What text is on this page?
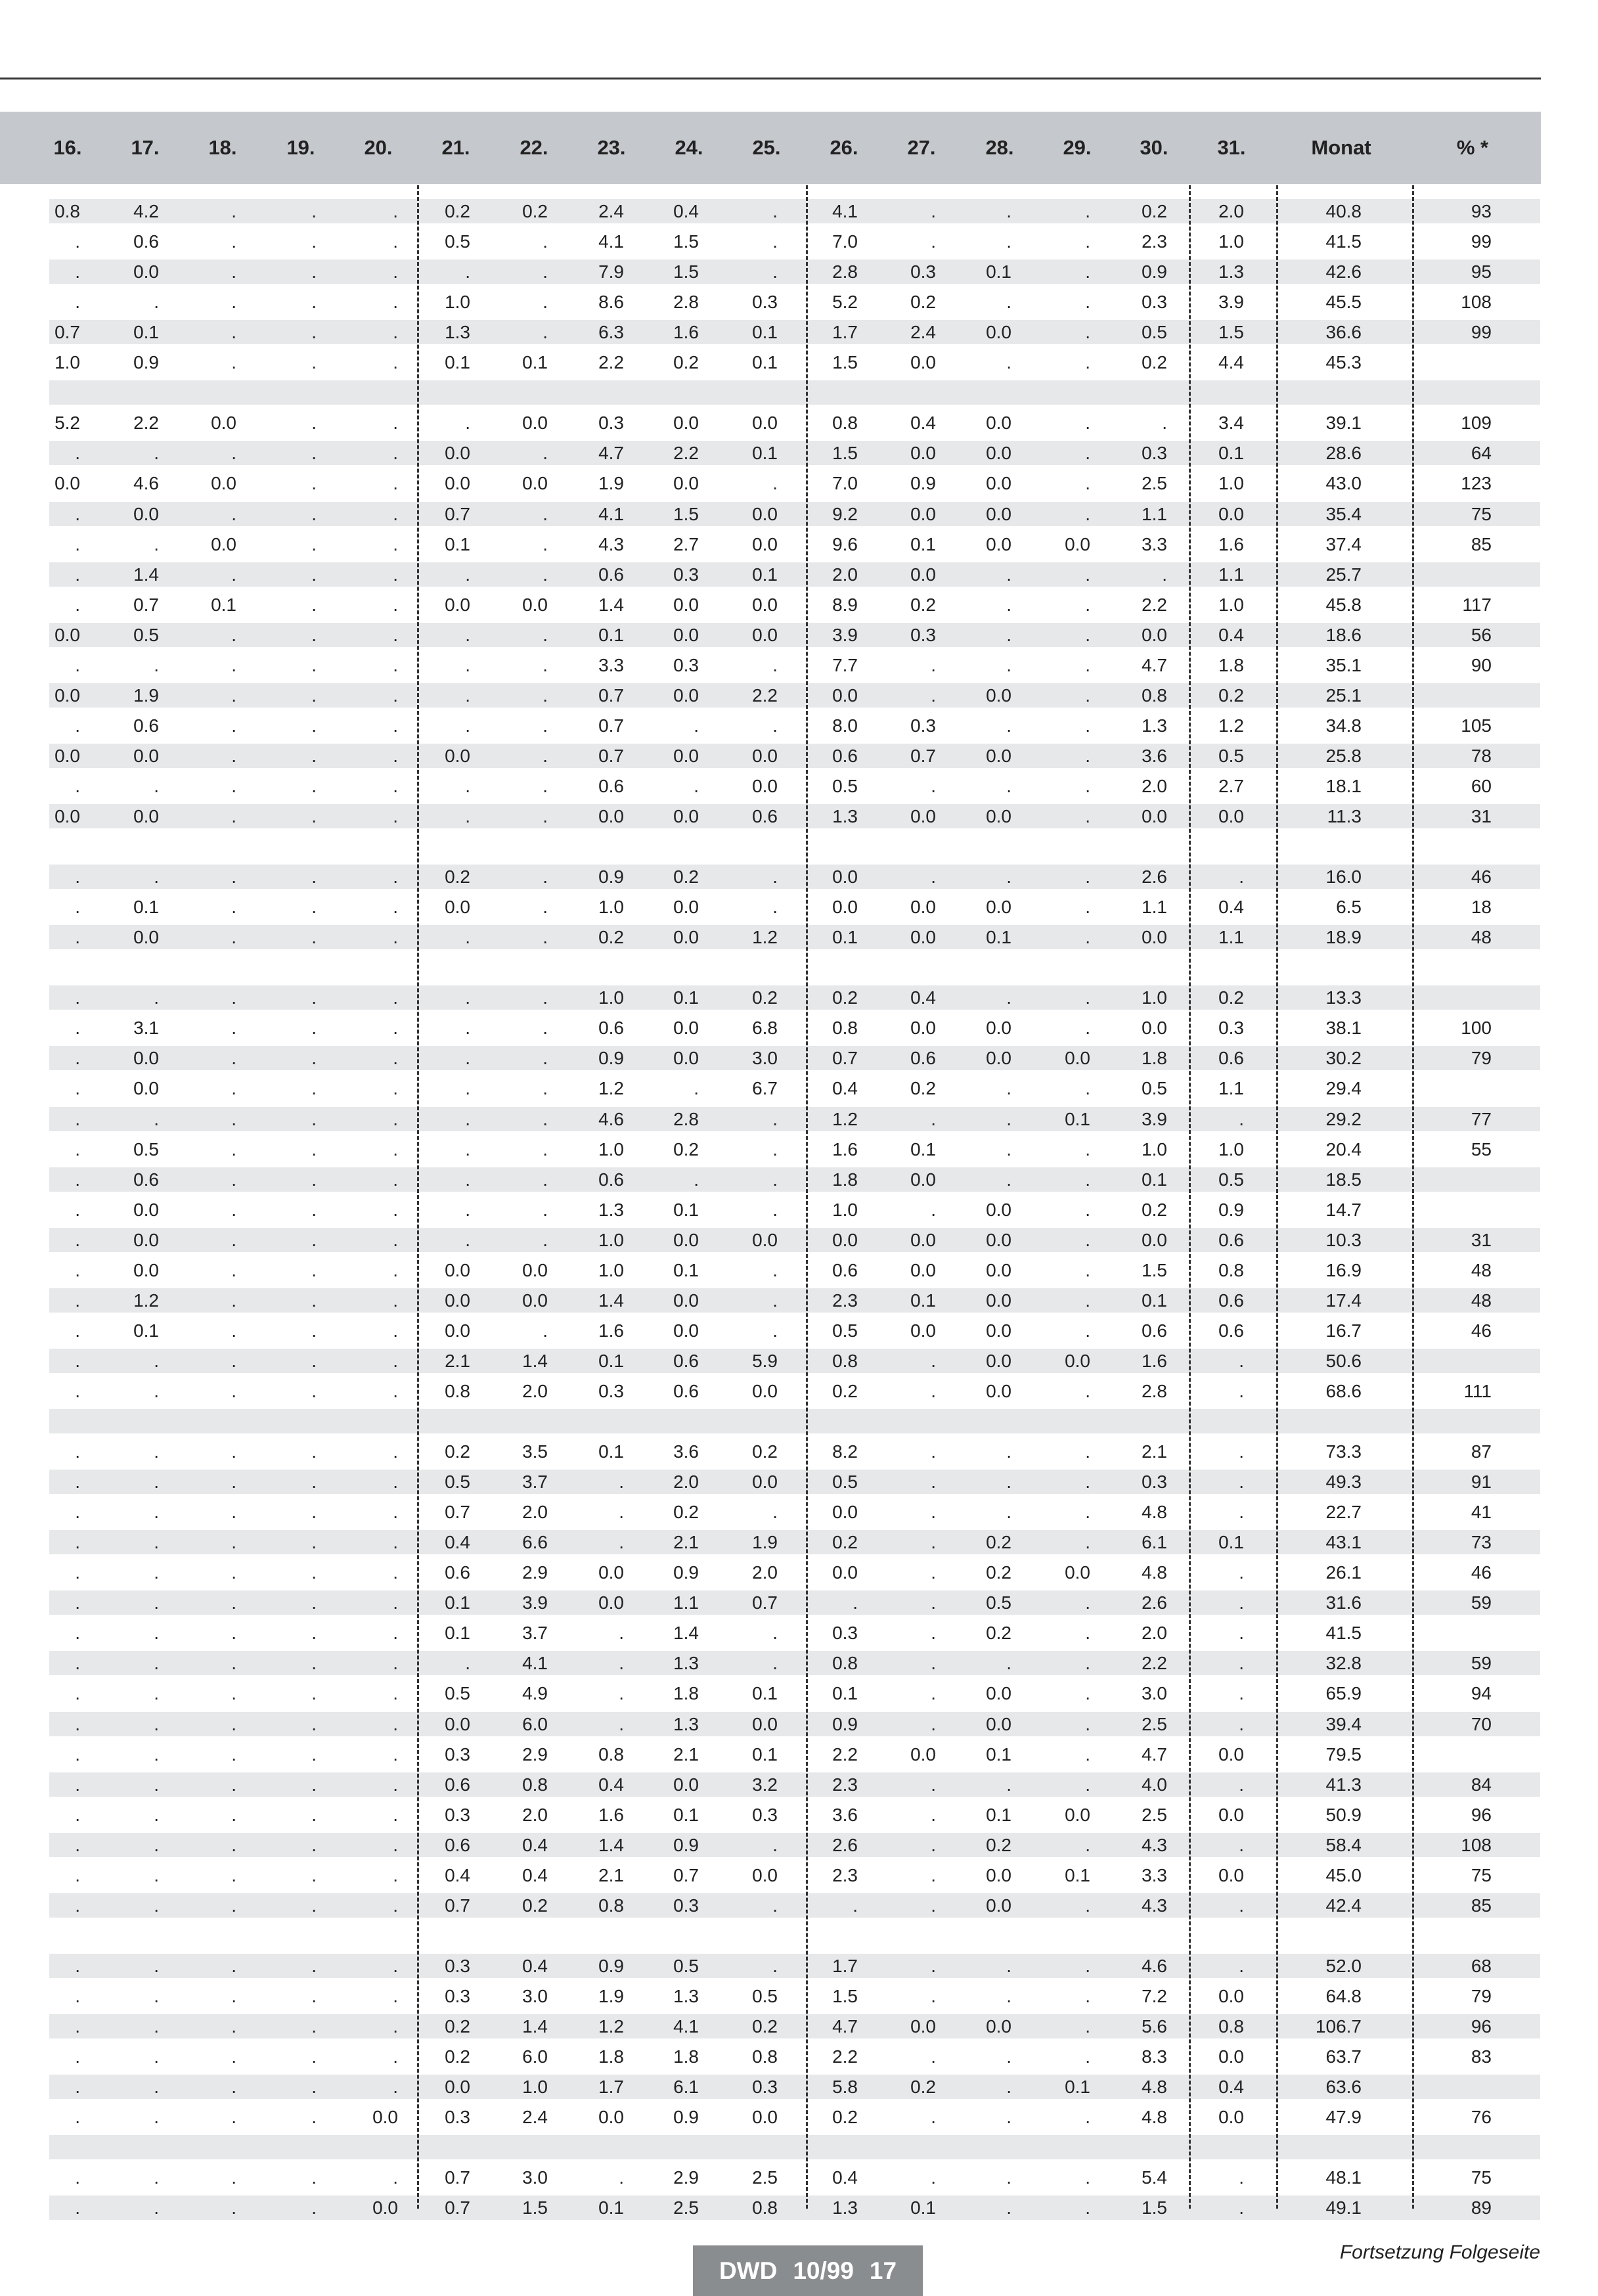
16. 17. 18. 19. 20. 21. 22. 23. 24. 25. 26. 27. 28. 29. 30. 31.	Monat	% *
0.8	4.2	.	.	.	0.2	0.2	2.4	0.4	.	4.1	.	.	.	0.2	2.0	40.8	93
.	0.6	.	.	.	0.5	.	4.1	1.5	.	7.0	.	.	.	2.3	1.0	41.5	99
.	0.0	.	.	.	.	.	7.9	1.5	.	2.8	0.3	0.1	.	0.9	1.3	42.6	95
.	.	.	.	.	1.0	.	8.6	2.8	0.3	5.2	0.2	.	.	0.3	3.9	45.5	108
0.7	0.1	.	.	.	1.3	.	6.3	1.6	0.1	1.7	2.4	0.0	.	0.5	1.5	36.6	99
1.0	0.9	.	.	.	0.1	0.1	2.2	0.2	0.1	1.5	0.0	.	.	0.2	4.4	45.3
5.2	2.2	0.0	.	.	.	0.0	0.3	0.0	0.0	0.8	0.4	0.0	.	.	3.4	39.1	109
.	.	.	.	.	0.0	.	4.7	2.2	0.1	1.5	0.0	0.0	.	0.3	0.1	28.6	64
0.0	4.6	0.0	.	.	0.0	0.0	1.9	0.0	.	7.0	0.9	0.0	.	2.5	1.0	43.0	123
.	0.0	.	.	.	0.7	.	4.1	1.5	0.0	9.2	0.0	0.0	.	1.1	0.0	35.4	75
.	.	0.0	.	.	0.1	.	4.3	2.7	0.0	9.6	0.1	0.0	0.0	3.3	1.6	37.4	85
.	1.4	.	.	.	.	.	0.6	0.3	0.1	2.0	0.0	.	.	.	1.1	25.7
.	0.7	0.1	.	.	0.0	0.0	1.4	0.0	0.0	8.9	0.2	.	.	2.2	1.0	45.8	117
0.0	0.5	.	.	.	.	.	0.1	0.0	0.0	3.9	0.3	.	.	0.0	0.4	18.6	56
.	.	.	.	.	.	.	3.3	0.3	.	7.7	.	.	.	4.7	1.8	35.1	90
0.0	1.9	.	.	.	.	.	0.7	0.0	2.2	0.0	.	0.0	.	0.8	0.2	25.1
.	0.6	.	.	.	.	.	0.7	.	.	8.0	0.3	.	.	1.3	1.2	34.8	105
0.0	0.0	.	.	.	0.0	.	0.7	0.0	0.0	0.6	0.7	0.0	.	3.6	0.5	25.8	78
.	.	.	.	.	.	.	0.6	.	0.0	0.5	.	.	.	2.0	2.7	18.1	60
0.0	0.0	.	.	.	.	.	0.0	0.0	0.6	1.3	0.0	0.0	.	0.0	0.0	11.3	31
.	.	.	.	.	0.2	.	0.9	0.2	.	0.0	.	.	.	2.6	.	16.0	46
.	0.1	.	.	.	0.0	.	1.0	0.0	.	0.0	0.0	0.0	.	1.1	0.4	6.5	18
.	0.0	.	.	.	.	.	0.2	0.0	1.2	0.1	0.0	0.1	.	0.0	1.1	18.9	48
.	.	.	.	.	.	.	1.0	0.1	0.2	0.2	0.4	.	.	1.0	0.2	13.3
.	3.1	.	.	.	.	.	0.6	0.0	6.8	0.8	0.0	0.0	.	0.0	0.3	38.1	100
.	0.0	.	.	.	.	.	0.9	0.0	3.0	0.7	0.6	0.0	0.0	1.8	0.6	30.2	79
.	0.0	.	.	.	.	.	1.2	.	6.7	0.4	0.2	.	.	0.5	1.1	29.4
.	.	.	.	.	.	.	4.6	2.8	.	1.2	.	.	0.1	3.9	.	29.2	77
.	0.5	.	.	.	.	.	1.0	0.2	.	1.6	0.1	.	.	1.0	1.0	20.4	55
.	0.6	.	.	.	.	.	0.6	.	.	1.8	0.0	.	.	0.1	0.5	18.5
.	0.0	.	.	.	.	.	1.3	0.1	.	1.0	.	0.0	.	0.2	0.9	14.7
.	0.0	.	.	.	.	.	1.0	0.0	0.0	0.0	0.0	0.0	.	0.0	0.6	10.3	31
.	0.0	.	.	.	0.0	0.0	1.0	0.1	.	0.6	0.0	0.0	.	1.5	0.8	16.9	48
.	1.2	.	.	.	0.0	0.0	1.4	0.0	.	2.3	0.1	0.0	.	0.1	0.6	17.4	48
.	0.1	.	.	.	0.0	.	1.6	0.0	.	0.5	0.0	0.0	.	0.6	0.6	16.7	46
.	.	.	.	.	2.1	1.4	0.1	0.6	5.9	0.8	.	0.0	0.0	1.6	.	50.6
.	.	.	.	.	0.8	2.0	0.3	0.6	0.0	0.2	.	0.0	.	2.8	.	68.6	111
.	.	.	.	.	0.2	3.5	0.1	3.6	0.2	8.2	.	.	.	2.1	.	73.3	87
.	.	.	.	.	0.5	3.7	.	2.0	0.0	0.5	.	.	.	0.3	.	49.3	91
.	.	.	.	.	0.7	2.0	.	0.2	.	0.0	.	.	.	4.8	.	22.7	41
.	.	.	.	.	0.4	6.6	.	2.1	1.9	0.2	.	0.2	.	6.1	0.1	43.1	73
.	.	.	.	.	0.6	2.9	0.0	0.9	2.0	0.0	.	0.2	0.0	4.8	.	26.1	46
.	.	.	.	.	0.1	3.9	0.0	1.1	0.7	.	.	0.5	.	2.6	.	31.6	59
.	.	.	.	.	0.1	3.7	.	1.4	.	0.3	.	0.2	.	2.0	.	41.5
.	.	.	.	.	.	4.1	.	1.3	.	0.8	.	.	.	2.2	.	32.8	59
.	.	.	.	.	0.5	4.9	.	1.8	0.1	0.1	.	0.0	.	3.0	.	65.9	94
.	.	.	.	.	0.0	6.0	.	1.3	0.0	0.9	.	0.0	.	2.5	.	39.4	70
.	.	.	.	.	0.3	2.9	0.8	2.1	0.1	2.2	0.0	0.1	.	4.7	0.0	79.5
.	.	.	.	.	0.6	0.8	0.4	0.0	3.2	2.3	.	.	.	4.0	.	41.3	84
.	.	.	.	.	0.3	2.0	1.6	0.1	0.3	3.6	.	0.1	0.0	2.5	0.0	50.9	96
.	.	.	.	.	0.6	0.4	1.4	0.9	.	2.6	.	0.2	.	4.3	.	58.4	108
.	.	.	.	.	0.4	0.4	2.1	0.7	0.0	2.3	.	0.0	0.1	3.3	0.0	45.0	75
.	.	.	.	.	0.7	0.2	0.8	0.3	.	.	.	0.0	.	4.3	.	42.4	85
.	.	.	.	.	0.3	0.4	0.9	0.5	.	1.7	.	.	.	4.6	.	52.0	68
.	.	.	.	.	0.3	3.0	1.9	1.3	0.5	1.5	.	.	.	7.2	0.0	64.8	79
.	.	.	.	.	0.2	1.4	1.2	4.1	0.2	4.7	0.0	0.0	.	5.6	0.8	106.7	96
.	.	.	.	.	0.2	6.0	1.8	1.8	0.8	2.2	.	.	.	8.3	0.0	63.7	83
.	.	.	.	.	0.0	1.0	1.7	6.1	0.3	5.8	0.2	.	0.1	4.8	0.4	63.6
.	.	.	.	0.0	0.3	2.4	0.0	0.9	0.0	0.2	.	.	.	4.8	0.0	47.9	76
.	.	.	.	.	0.7	3.0	.	2.9	2.5	0.4	.	.	.	5.4	.	48.1	75
.	.	.	.	0.0	0.7	1.5	0.1	2.5	0.8	1.3	0.1	.	.	1.5	.	49.1	89
DWD 10/99 17
Fortsetzung Folgeseite
